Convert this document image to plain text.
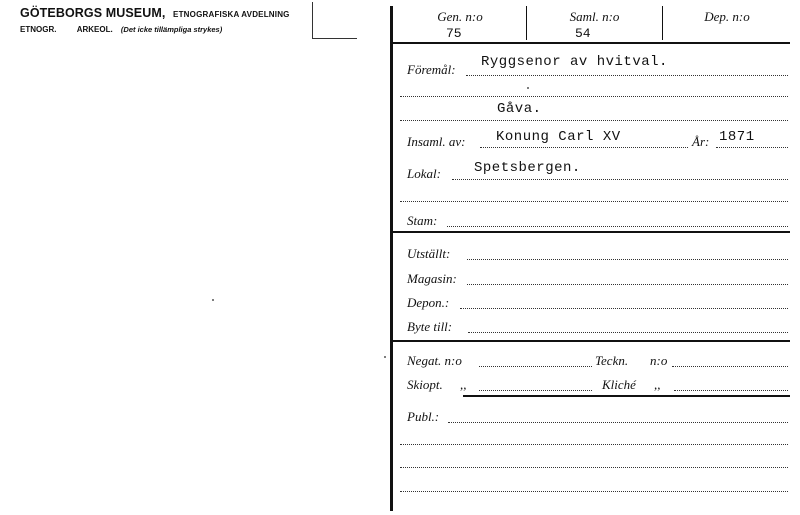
GÖTEBORGS MUSEUM, ETNOGRAFISKA AVDELNING
ETNOGR.	ARKEOL. (Det icke tillämpliga strykes)
Gen. n:o
75
Saml. n:o
54
Dep. n:o
Föremål: Ryggsenor av hvitval.
Gåva.
Insaml. av: Konung Carl XV	År: 1871
Lokal: Spetsbergen.
Stam:
Utställt:
Magasin:
Depon.:
Byte till:
Negat. n:o	Teckn. n:o
Skiopt. ,,	Kliché ,,
Publ.:
